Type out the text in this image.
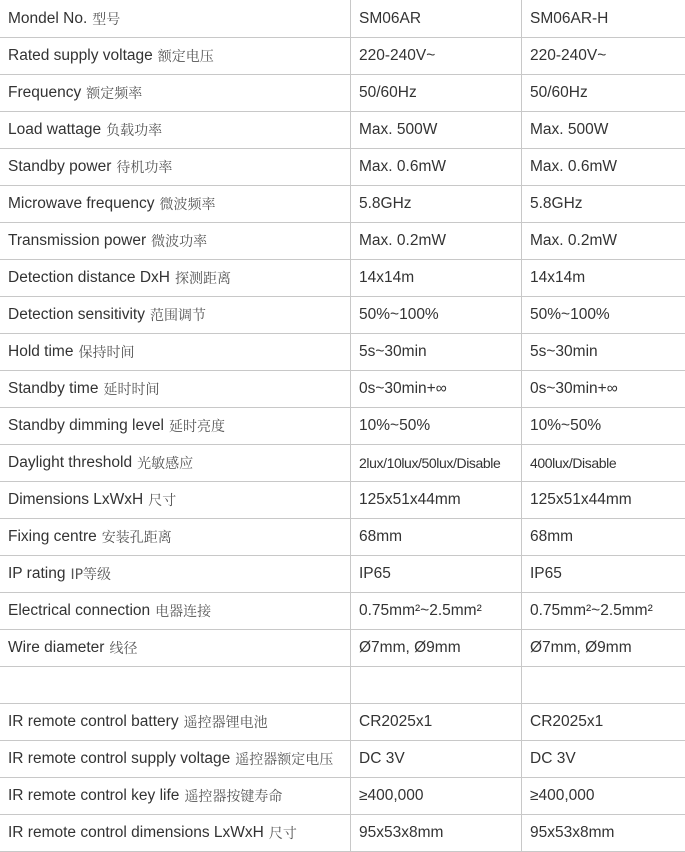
Mondel No. 型号	SM06AR	SM06AR-H
Rated supply voltage 额定电压	220-240V~	220-240V~
Frequency 额定频率	50/60Hz	50/60Hz
Load wattage 负载功率	Max. 500W	Max. 500W
Standby power 待机功率	Max. 0.6mW	Max. 0.6mW
Microwave frequency 微波频率	5.8GHz	5.8GHz
Transmission power 微波功率	Max. 0.2mW	Max. 0.2mW
Detection distance DxH 探测距离	14x14m	14x14m
Detection sensitivity 范围调节	50%~100%	50%~100%
Hold time 保持时间	5s~30min	5s~30min
Standby time 延时时间	0s~30min+∞	0s~30min+∞
Standby dimming level 延时亮度	10%~50%	10%~50%
Daylight threshold 光敏感应	2lux/10lux/50lux/Disable	400lux/Disable
Dimensions LxWxH 尺寸	125x51x44mm	125x51x44mm
Fixing centre 安装孔距离	68mm	68mm
IP rating IP等级	IP65	IP65
Electrical connection 电器连接	0.75mm²~2.5mm²	0.75mm²~2.5mm²
Wire diameter 线径	Ø7mm, Ø9mm	Ø7mm, Ø9mm
IR remote control battery 遥控器锂电池	CR2025x1	CR2025x1
IR remote control supply voltage 遥控器额定电压	DC 3V	DC 3V
IR remote control key life 遥控器按键寿命	≥400,000	≥400,000
IR remote control dimensions LxWxH 尺寸	95x53x8mm	95x53x8mm
